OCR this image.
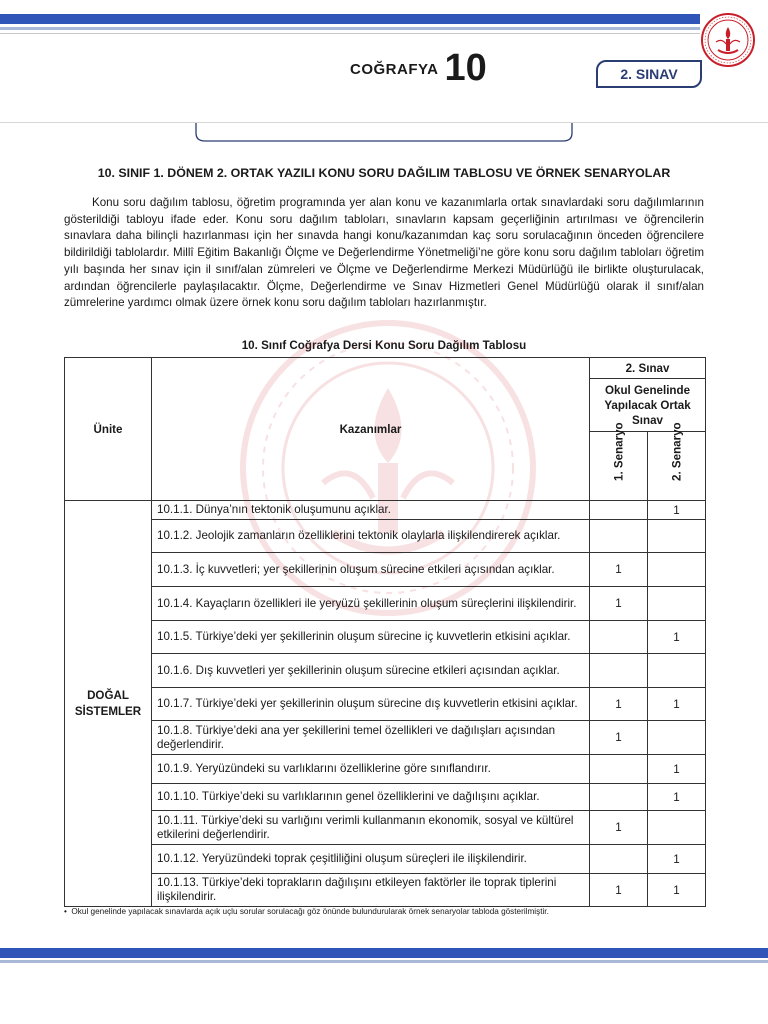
COĞRAFYA 10	2. SINAV
10. SINIF 1. DÖNEM 2. ORTAK YAZILI KONU SORU DAĞILIM TABLOSU VE ÖRNEK SENARYOLAR
Konu soru dağılım tablosu, öğretim programında yer alan konu ve kazanımlarla ortak sınavlardaki soru dağılımlarının gösterildiği tabloyu ifade eder. Konu soru dağılım tabloları, sınavların kapsam geçerliğinin artırılması ve öğrencilerin sınavlara daha bilinçli hazırlanması için her sınavda hangi konu/kazanımdan kaç soru sorulacağının önceden öğrencilere bildirildiği tablolardır. Millî Eğitim Bakanlığı Ölçme ve Değerlendirme Yönetmeliği’ne göre konu soru dağılım tabloları öğretim yılı başında her sınav için il sınıf/alan zümreleri ve Ölçme ve Değerlendirme Merkezi Müdürlüğü ile birlikte oluşturulacak, ardından öğrencilerle paylaşılacaktır. Ölçme, Değerlendirme ve Sınav Hizmetleri Genel Müdürlüğü olarak il sınıf/alan zümrelerine yardımcı olmak üzere örnek konu soru dağılım tabloları hazırlanmıştır.
10. Sınıf Coğrafya Dersi Konu Soru Dağılım Tablosu
Ünite	Kazanımlar	2. Sınav	
		Okul Genelinde Yapılacak Ortak Sınav	

		1. Senaryo	2. Senaryo

DOĞAL
SİSTEMLER	10.1.1. Dünya’nın tektonik oluşumunu açıklar.		1
	10.1.2. Jeolojik zamanların özelliklerini tektonik olaylarla ilişkilendirerek açıklar.		
	10.1.3. İç kuvvetleri; yer şekillerinin oluşum sürecine etkileri açısından açıklar.	1	
	10.1.4. Kayaçların özellikleri ile yeryüzü şekillerinin oluşum süreçlerini ilişkilendirir.	1	
	10.1.5. Türkiye’deki yer şekillerinin oluşum sürecine iç kuvvetlerin etkisini açıklar.		1
	10.1.6. Dış kuvvetleri yer şekillerinin oluşum sürecine etkileri açısından açıklar.		
	10.1.7. Türkiye’deki yer şekillerinin oluşum sürecine dış kuvvetlerin etkisini açıklar.	1	1
	10.1.8. Türkiye’deki ana yer şekillerini temel özellikleri ve dağılışları açısından değerlendirir.	1	
	10.1.9. Yeryüzündeki su varlıklarını özelliklerine göre sınıflandırır.		1
	10.1.10. Türkiye’deki su varlıklarının genel özelliklerini ve dağılışını açıklar.		1
	10.1.11. Türkiye’deki su varlığını verimli kullanmanın ekonomik, sosyal ve kültürel etkilerini değerlendirir.	1	
	10.1.12. Yeryüzündeki toprak çeşitliliğini oluşum süreçleri ile ilişkilendirir.		1
	10.1.13. Türkiye’deki toprakların dağılışını etkileyen faktörler ile toprak tiplerini ilişkilendirir.	1	1
•  Okul genelinde yapılacak sınavlarda açık uçlu sorular sorulacağı göz önünde bulundurularak örnek senaryolar tabloda gösterilmiştir.
